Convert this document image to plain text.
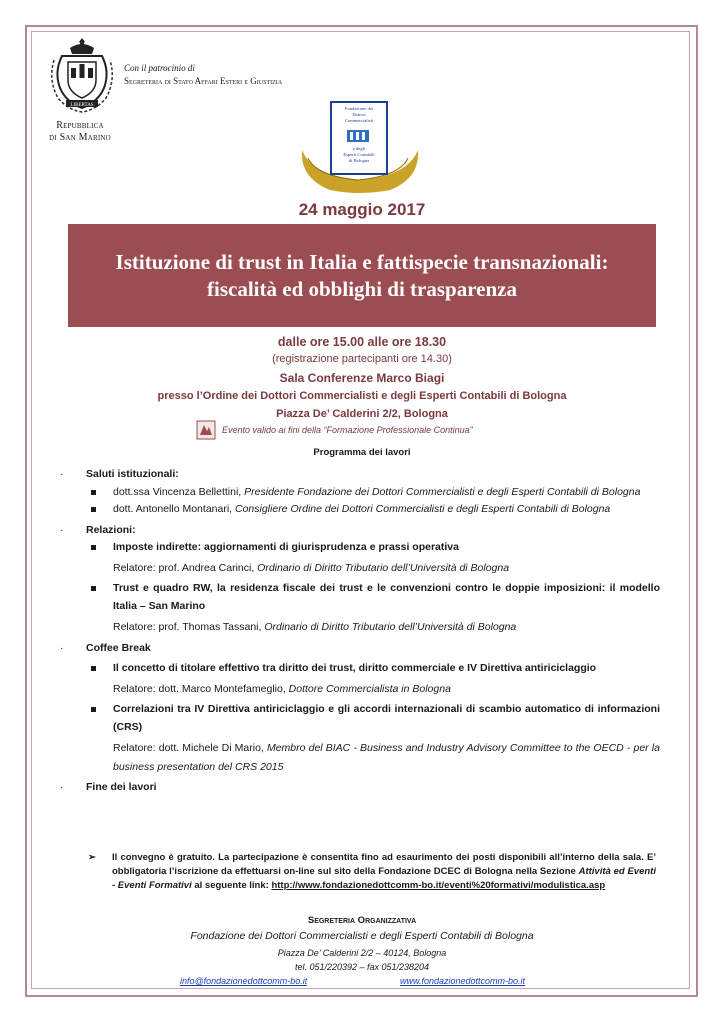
LIBERTAS
Repubblica
di San Marino
Con il patrocinio di
Segreteria di Stato Affari Esteri e Giustizia
Fondazione dei
Dottori
Commercialisti
e degli
Esperti Contabili
di Bologna
24 maggio 2017
Istituzione di trust in Italia e fattispecie transnazionali: fiscalità ed obblighi di trasparenza
dalle ore 15.00 alle ore 18.30
(registrazione partecipanti ore 14.30)
Sala Conferenze Marco Biagi
presso l’Ordine dei Dottori Commercialisti e degli Esperti Contabili di Bologna
Piazza De’ Calderini 2/2, Bologna
Evento valido ai fini della “Formazione Professionale Continua”
Programma dei lavori
· Saluti istituzionali:
dott.ssa Vincenza Bellettini, Presidente Fondazione dei Dottori Commercialisti e degli Esperti Contabili di Bologna
dott. Antonello Montanari, Consigliere Ordine dei Dottori Commercialisti e degli Esperti Contabili di Bologna
· Relazioni:
Imposte indirette: aggiornamenti di giurisprudenza e prassi operativa
Relatore: prof. Andrea Carinci, Ordinario di Diritto Tributario dell’Università di Bologna
Trust e quadro RW, la residenza fiscale dei trust e le convenzioni contro le doppie imposizioni: il modello Italia – San Marino
Relatore: prof. Thomas Tassani, Ordinario di Diritto Tributario dell’Università di Bologna
· Coffee Break
Il concetto di titolare effettivo tra diritto dei trust, diritto commerciale e IV Direttiva antiriciclaggio
Relatore: dott. Marco Montefameglio, Dottore Commercialista in Bologna
Correlazioni tra IV Direttiva antiriciclaggio e gli accordi internazionali di scambio automatico di informazioni (CRS)
Relatore: dott. Michele Di Mario, Membro del BIAC - Business and Industry Advisory Committee to the OECD - per la business presentation del CRS 2015
· Fine dei lavori
➢ Il convegno è gratuito. La partecipazione è consentita fino ad esaurimento dei posti disponibili all’interno della sala. E’ obbligatoria l’iscrizione da effettuarsi on-line sul sito della Fondazione DCEC di Bologna nella Sezione Attività ed Eventi - Eventi Formativi al seguente link: http://www.fondazionedottcomm-bo.it/eventi%20formativi/modulistica.asp
Segreteria Organizzativa
Fondazione dei Dottori Commercialisti e degli Esperti Contabili di Bologna
Piazza De’ Calderini 2/2 – 40124, Bologna
tel. 051/220392 – fax 051/238204
info@fondazionedottcomm-bo.it	www.fondazionedottcomm-bo.it
